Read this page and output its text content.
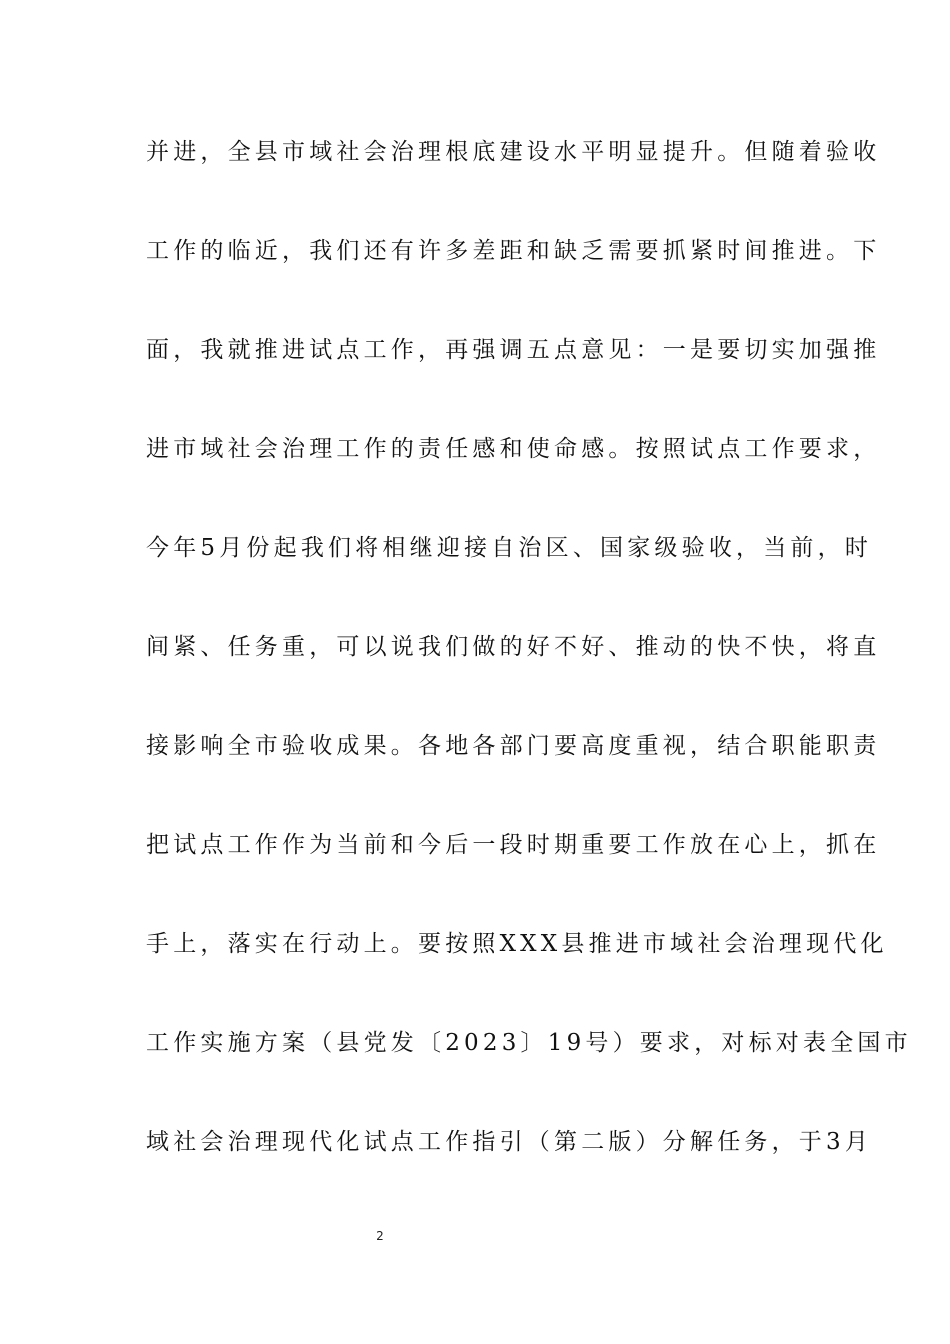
并进，全县市域社会治理根底建设水平明显提升。但随着验收
工作的临近，我们还有许多差距和缺乏需要抓紧时间推进。下
面，我就推进试点工作，再强调五点意见：一是要切实加强推
进市域社会治理工作的责任感和使命感。按照试点工作要求，
今年5月份起我们将相继迎接自治区、国家级验收，当前，时
间紧、任务重，可以说我们做的好不好、推动的快不快，将直
接影响全市验收成果。各地各部门要高度重视，结合职能职责
把试点工作作为当前和今后一段时期重要工作放在心上，抓在
手上，落实在行动上。要按照XXX县推进市域社会治理现代化
工作实施方案（县党发〔2023〕19号）要求，对标对表全国市
域社会治理现代化试点工作指引（第二版）分解任务，于3月
2
